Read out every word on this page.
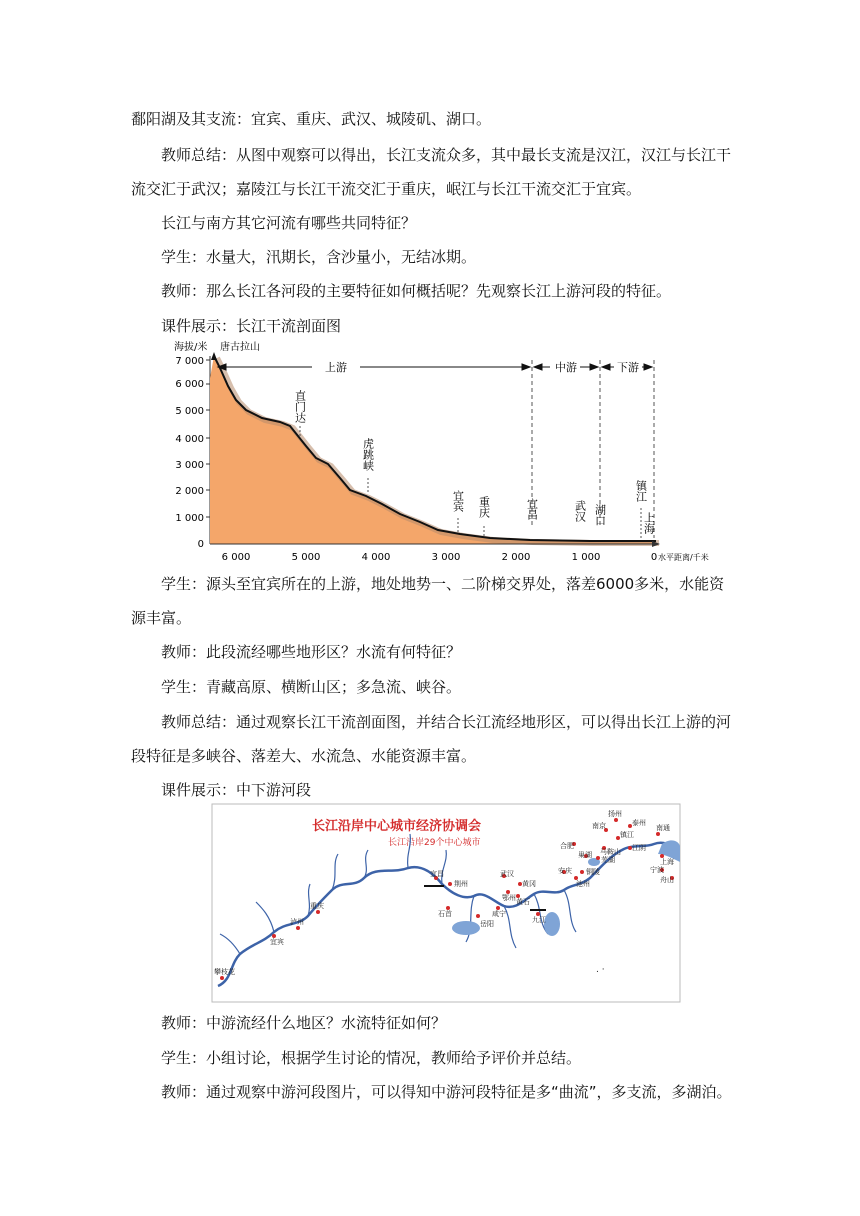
鄱阳湖及其支流：宜宾、重庆、武汉、城陵矶、湖口。
教师总结：从图中观察可以得出，长江支流众多，其中最长支流是汉江，汉江与长江干流交汇于武汉；嘉陵江与长江干流交汇于重庆，岷江与长江干流交汇于宜宾。
长江与南方其它河流有哪些共同特征？
学生：水量大，汛期长，含沙量小，无结冰期。
教师：那么长江各河段的主要特征如何概括呢？先观察长江上游河段的特征。
课件展示：长江干流剖面图
海拔/米 唐古拉山
7 000
6 000
5 000
4 000
3 000
2 000
1 000
0
6 000	5 000	4 000	3 000	2 000	1 000	0 水平距离/千米
上游	中游	下游
直门达
虎跳峡
宜宾 重庆	宜昌	武汉 湖口
镇江
上海
学生：源头至宜宾所在的上游，地处地势一、二阶梯交界处，落差6000多米，水能资源丰富。
教师：此段流经哪些地形区？水流有何特征？
学生：青藏高原、横断山区；多急流、峡谷。
教师总结：通过观察长江干流剖面图，并结合长江流经地形区，可以得出长江上游的河段特征是多峡谷、落差大、水流急、水能资源丰富。
课件展示：中下游河段
长江沿岸中心城市经济协调会
长江沿岸29个中心城市
扬州
泰州
南京	南通
镇江
合肥
巢湖 马鞍山 江阴
芜湖	上海
安庆 铜陵	宁波
池州	舟山
宜昌
荆州
武汉
黄冈
鄂州 黄石
石首	咸宁
九江
岳阳
重庆
泸州
宜宾
攀枝花	. ·
教师：中游流经什么地区？水流特征如何？
学生：小组讨论，根据学生讨论的情况，教师给予评价并总结。
教师：通过观察中游河段图片，可以得知中游河段特征是多“曲流”，多支流，多湖泊。
